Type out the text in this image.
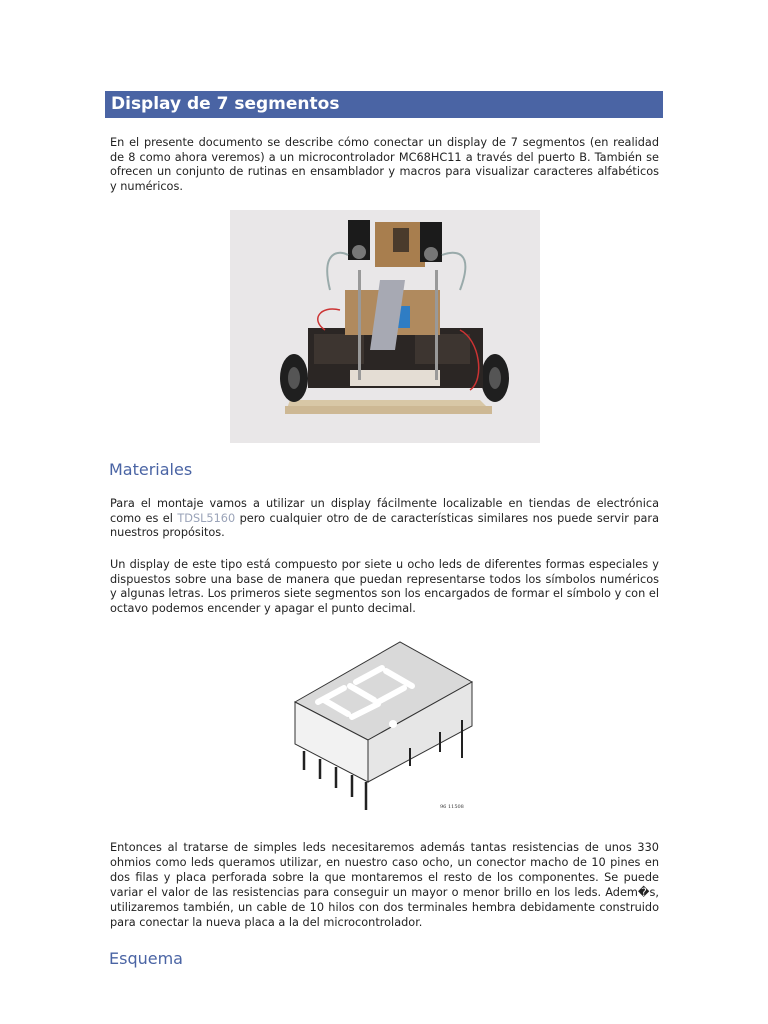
Display de 7 segmentos

En el presente documento se describe cómo conectar un display de 7 segmentos (en realidad de 8 como ahora veremos) a un microcontrolador MC68HC11 a través del puerto B. También se ofrecen un conjunto de rutinas en ensamblador y macros para visualizar caracteres alfabéticos y numéricos.

Materiales

Para el montaje vamos a utilizar un display fácilmente localizable en tiendas de electrónica como es el TDSL5160 pero cualquier otro de de características similares nos puede servir para nuestros propósitos.

Un display de este tipo está compuesto por siete u ocho leds de diferentes formas especiales y dispuestos sobre una base de manera que puedan representarse todos los símbolos numéricos y algunas letras. Los primeros siete segmentos son los encargados de formar el símbolo y con el octavo podemos encender y apagar el punto decimal.

96 11508

Entonces al tratarse de simples leds necesitaremos además tantas resistencias de unos 330 ohmios como leds queramos utilizar, en nuestro caso ocho, un conector macho de 10 pines en dos filas y placa perforada sobre la que montaremos el resto de los componentes. Se puede variar el valor de las resistencias para conseguir un mayor o menor brillo en los leds. Adem�s, utilizaremos también, un cable de 10 hilos con dos terminales hembra debidamente construido para conectar la nueva placa a la del microcontrolador.

Esquema
